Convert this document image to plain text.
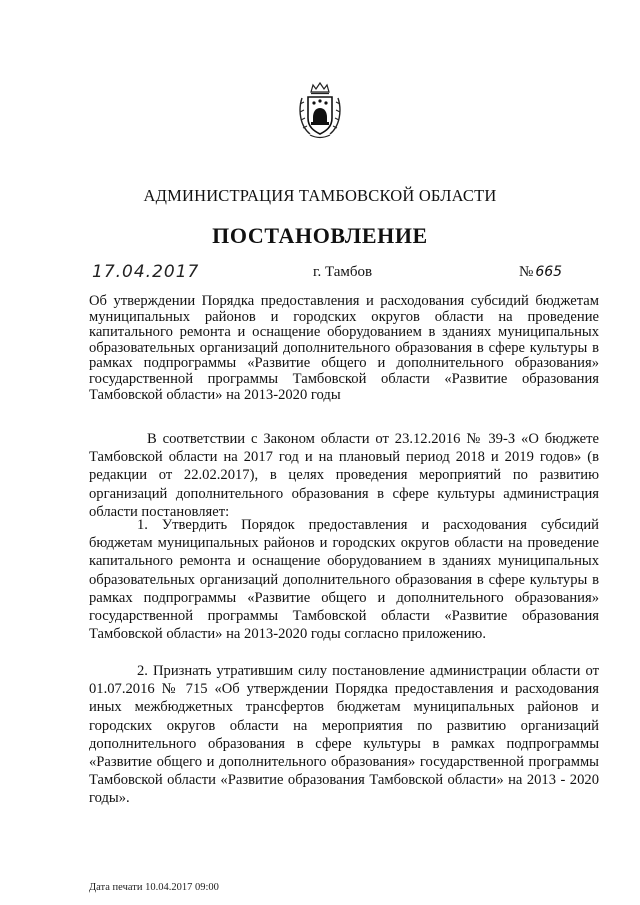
АДМИНИСТРАЦИЯ ТАМБОВСКОЙ ОБЛАСТИ
ПОСТАНОВЛЕНИЕ
17.04.2017	г. Тамбов	№ 665
Об утверждении Порядка предоставления и расходования субсидий бюджетам муниципальных районов и городских округов области на проведение капитального ремонта и оснащение оборудованием в зданиях муниципальных образовательных организаций дополнительного образования в сфере культуры в рамках подпрограммы «Развитие общего и дополнительного образования» государственной программы Тамбовской области «Развитие образования Тамбовской области» на 2013-2020 годы
В соответствии с Законом области от 23.12.2016 № 39-З «О бюджете Тамбовской области на 2017 год и на плановый период 2018 и 2019 годов» (в редакции от 22.02.2017), в целях проведения мероприятий по развитию организаций дополнительного образования в сфере культуры администрация области постановляет:
1. Утвердить Порядок предоставления и расходования субсидий бюджетам муниципальных районов и городских округов области на проведение капитального ремонта и оснащение оборудованием в зданиях муниципальных образовательных организаций дополнительного образования в сфере культуры в рамках подпрограммы «Развитие общего и дополнительного образования» государственной программы Тамбовской области «Развитие образования Тамбовской области» на 2013-2020 годы согласно приложению.
2. Признать утратившим силу постановление администрации области от 01.07.2016 № 715 «Об утверждении Порядка предоставления и расходования иных межбюджетных трансфертов бюджетам муниципальных районов и городских округов области на мероприятия по развитию организаций дополнительного образования в сфере культуры в рамках подпрограммы «Развитие общего и дополнительного образования» государственной программы Тамбовской области «Развитие образования Тамбовской области» на 2013 - 2020 годы».
Дата печати 10.04.2017 09:00
